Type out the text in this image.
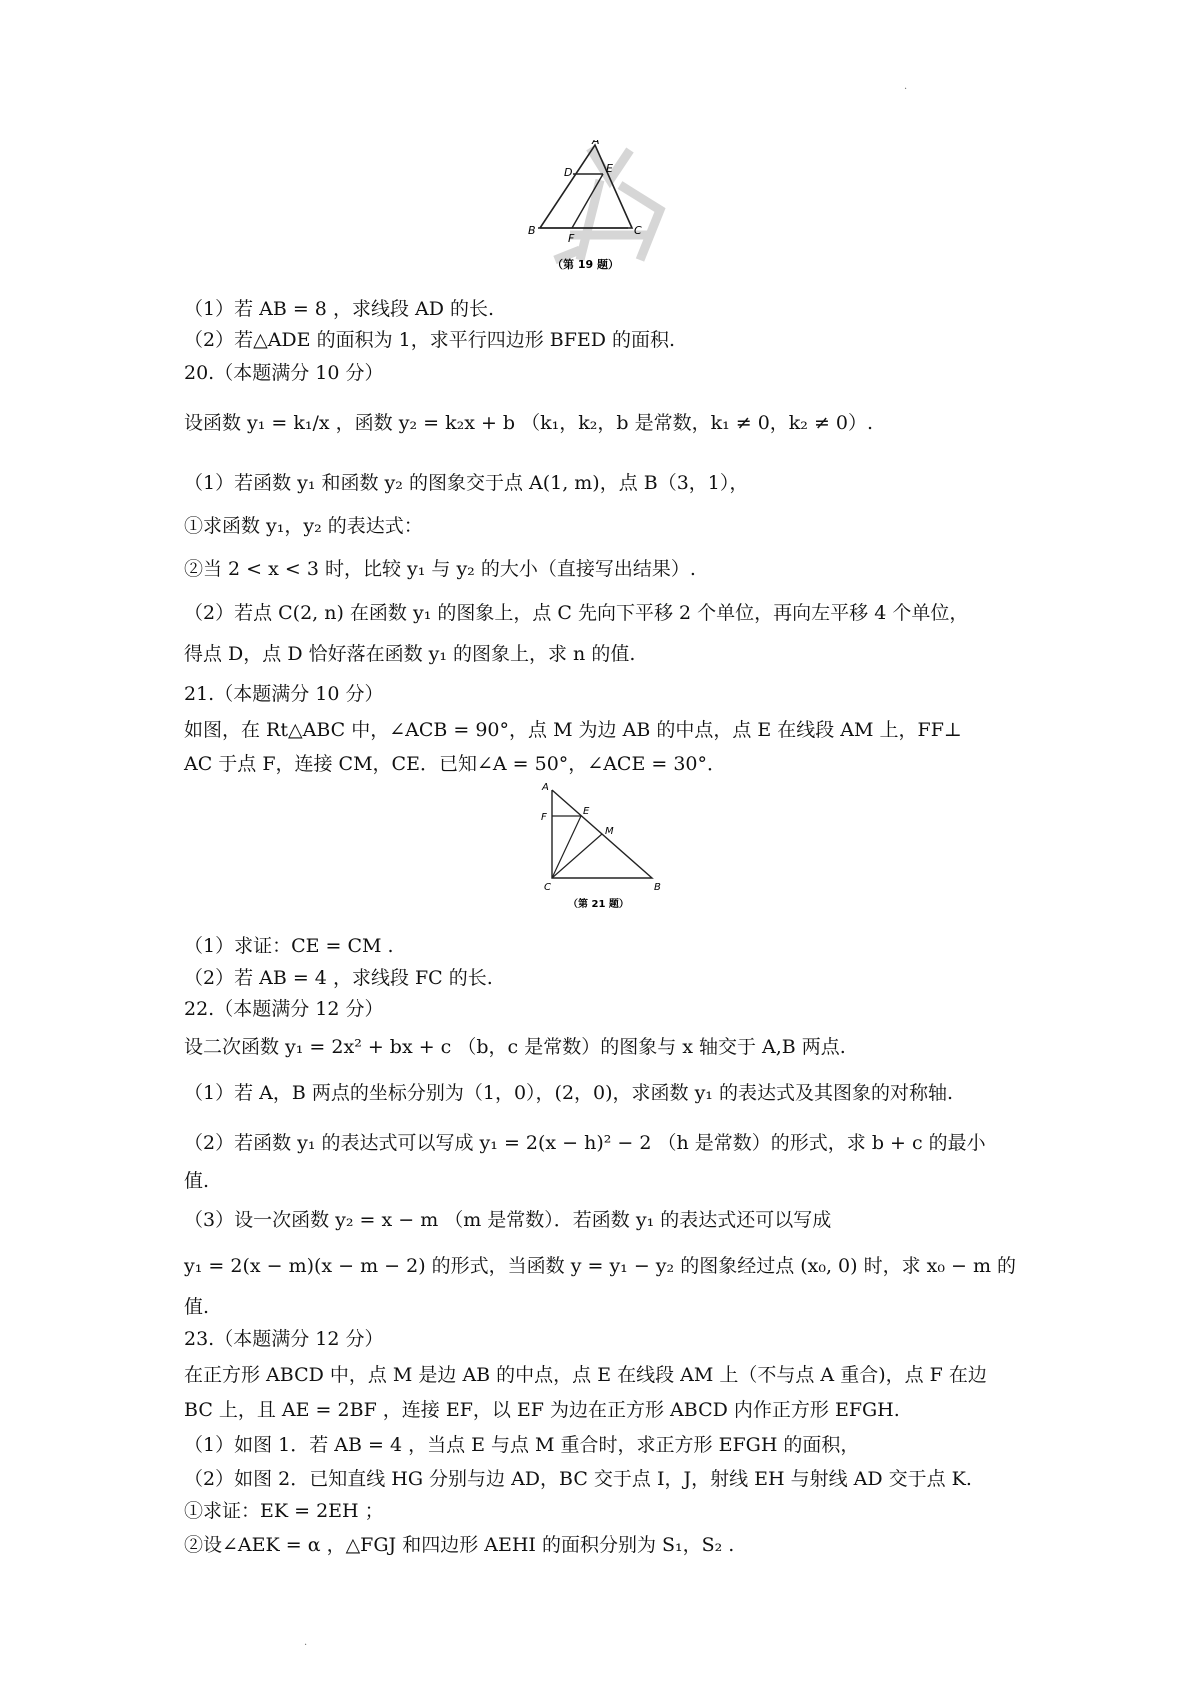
A
D	E
B
F
C
（第 19 题）
（1）若 AB = 8 ，求线段 AD 的长.
（2）若△ADE 的面积为 1，求平行四边形 BFED 的面积.
20.（本题满分 10 分）
设函数 y₁ = k₁/x ，函数 y₂ = k₂x + b （k₁，k₂，b 是常数，k₁ ≠ 0，k₂ ≠ 0）.
（1）若函数 y₁ 和函数 y₂ 的图象交于点 A(1, m)，点 B（3，1），
①求函数 y₁，y₂ 的表达式：
②当 2 < x < 3 时，比较 y₁ 与 y₂ 的大小（直接写出结果）.
（2）若点 C(2, n) 在函数 y₁ 的图象上，点 C 先向下平移 2 个单位，再向左平移 4 个单位，
得点 D，点 D 恰好落在函数 y₁ 的图象上，求 n 的值.
21.（本题满分 10 分）
如图，在 Rt△ABC 中，∠ACB = 90°，点 M 为边 AB 的中点，点 E 在线段 AM 上，FF⊥
AC 于点 F，连接 CM，CE．已知∠A = 50°，∠ACE = 30°．
A
F
E
M
C	B
（第 21 题）
（1）求证：CE = CM .
（2）若 AB = 4 ，求线段 FC 的长.
22.（本题满分 12 分）
设二次函数 y₁ = 2x² + bx + c （b，c 是常数）的图象与 x 轴交于 A,B 两点.
（1）若 A，B 两点的坐标分别为（1，0），(2，0)，求函数 y₁ 的表达式及其图象的对称轴.
（2）若函数 y₁ 的表达式可以写成 y₁ = 2(x − h)² − 2 （h 是常数）的形式，求 b + c 的最小
值.
（3）设一次函数 y₂ = x − m （m 是常数）．若函数 y₁ 的表达式还可以写成
y₁ = 2(x − m)(x − m − 2) 的形式，当函数 y = y₁ − y₂ 的图象经过点 (x₀, 0) 时，求 x₀ − m 的
值.
23.（本题满分 12 分）
在正方形 ABCD 中，点 M 是边 AB 的中点，点 E 在线段 AM 上（不与点 A 重合)，点 F 在边
BC 上，且 AE = 2BF ，连接 EF，以 EF 为边在正方形 ABCD 内作正方形 EFGH.
（1）如图 1．若 AB = 4 ，当点 E 与点 M 重合时，求正方形 EFGH 的面积，
（2）如图 2．已知直线 HG 分别与边 AD，BC 交于点 I，J，射线 EH 与射线 AD 交于点 K.
①求证：EK = 2EH ；
②设∠AEK = α ，△FGJ 和四边形 AEHI 的面积分别为 S₁，S₂ .
·
·
